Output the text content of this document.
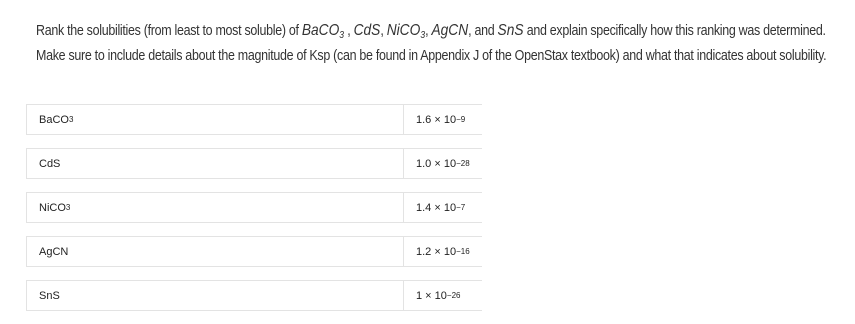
Rank the solubilities (from least to most soluble) of BaCO$_3$ , CdS, NiCO$_3$, AgCN, and SnS and explain specifically how this ranking was determined. Make sure to include details about the magnitude of Ksp (can be found in Appendix J of the OpenStax textbook) and what that indicates about solubility.
BaCO 3	1.6 × 10 −9
CdS	1.0 × 10 −28
NiCO 3	1.4 × 10 −7
AgCN	1.2 × 10 −16
SnS	1 × 10 −26
